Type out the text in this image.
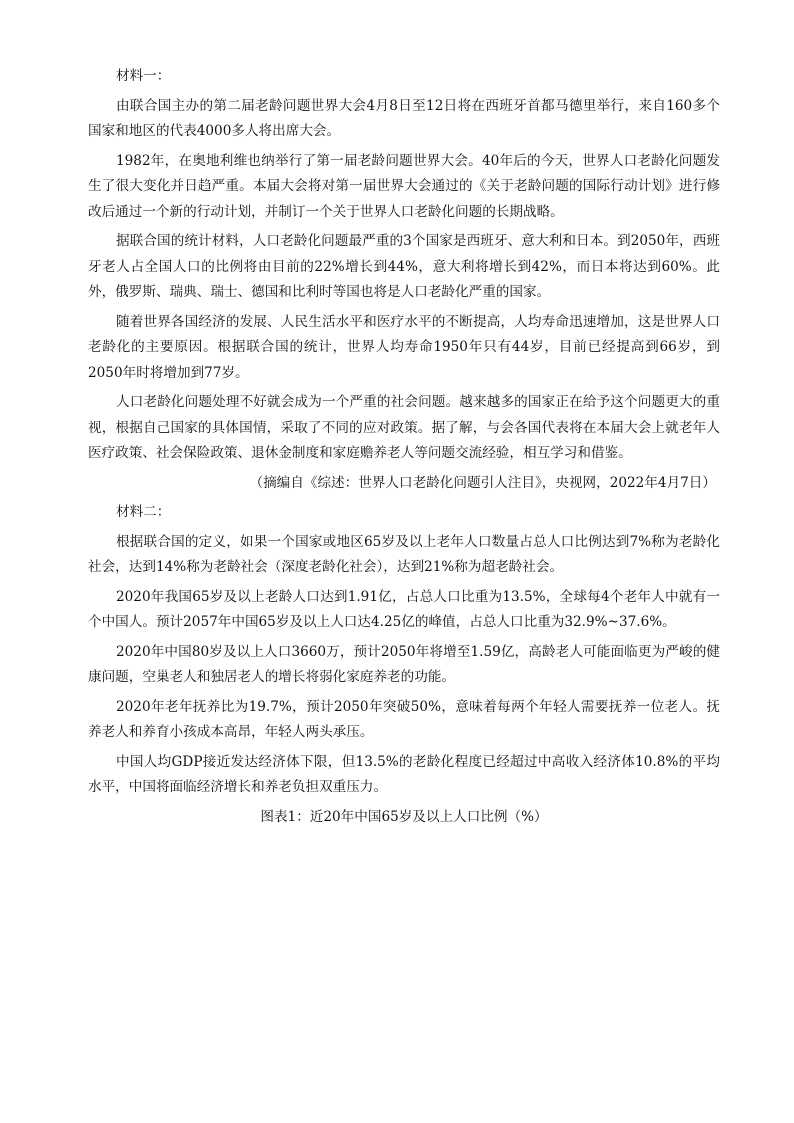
材料一：

由联合国主办的第二届老龄问题世界大会4月8日至12日将在西班牙首都马德里举行，来自160多个国家和地区的代表4000多人将出席大会。

1982年，在奥地利维也纳举行了第一届老龄问题世界大会。40年后的今天，世界人口老龄化问题发生了很大变化并日趋严重。本届大会将对第一届世界大会通过的《关于老龄问题的国际行动计划》进行修改后通过一个新的行动计划，并制订一个关于世界人口老龄化问题的长期战略。

据联合国的统计材料，人口老龄化问题最严重的3个国家是西班牙、意大利和日本。到2050年，西班牙老人占全国人口的比例将由目前的22%增长到44%，意大利将增长到42%，而日本将达到60%。此外，俄罗斯、瑞典、瑞士、德国和比利时等国也将是人口老龄化严重的国家。

随着世界各国经济的发展、人民生活水平和医疗水平的不断提高，人均寿命迅速增加，这是世界人口老龄化的主要原因。根据联合国的统计，世界人均寿命1950年只有44岁，目前已经提高到66岁，到2050年时将增加到77岁。

人口老龄化问题处理不好就会成为一个严重的社会问题。越来越多的国家正在给予这个问题更大的重视，根据自己国家的具体国情，采取了不同的应对政策。据了解，与会各国代表将在本届大会上就老年人医疗政策、社会保险政策、退休金制度和家庭赡养老人等问题交流经验，相互学习和借鉴。

（摘编自《综述：世界人口老龄化问题引人注目》，央视网，2022年4月7日）

材料二：

根据联合国的定义，如果一个国家或地区65岁及以上老年人口数量占总人口比例达到7%称为老龄化社会，达到14%称为老龄社会（深度老龄化社会），达到21%称为超老龄社会。

2020年我国65岁及以上老龄人口达到1.91亿，占总人口比重为13.5%，全球每4个老年人中就有一个中国人。预计2057年中国65岁及以上人口达4.25亿的峰值，占总人口比重为32.9%~37.6%。

2020年中国80岁及以上人口3660万，预计2050年将增至1.59亿，高龄老人可能面临更为严峻的健康问题，空巢老人和独居老人的增长将弱化家庭养老的功能。

2020年老年抚养比为19.7%，预计2050年突破50%，意味着每两个年轻人需要抚养一位老人。抚养老人和养育小孩成本高昂，年轻人两头承压。

中国人均GDP接近发达经济体下限，但13.5%的老龄化程度已经超过中高收入经济体10.8%的平均水平，中国将面临经济增长和养老负担双重压力。

图表1：近20年中国65岁及以上人口比例（%）
